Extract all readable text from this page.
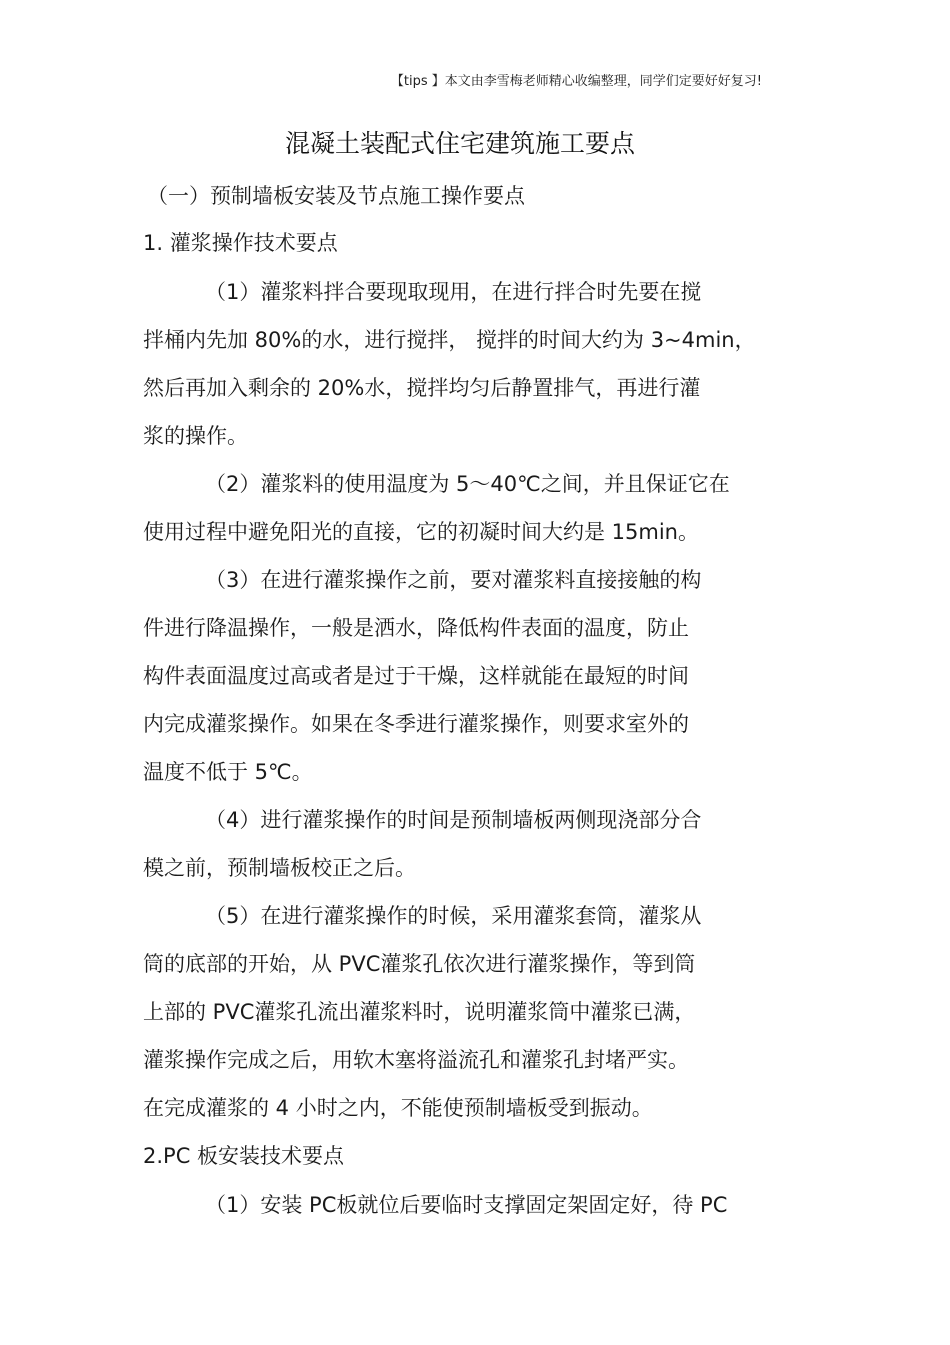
【tips 】本文由李雪梅老师精心收编整理，同学们定要好好复习!
混凝土装配式住宅建筑施工要点
（一）预制墙板安装及节点施工操作要点
1. 灌浆操作技术要点
（1）灌浆料拌合要现取现用，在进行拌合时先要在搅
拌桶内先加 80%的水，进行搅拌， 搅拌的时间大约为 3~4min，
然后再加入剩余的 20%水，搅拌均匀后静置排气，再进行灌
浆的操作。
（2）灌浆料的使用温度为 5～40℃之间，并且保证它在
使用过程中避免阳光的直接，它的初凝时间大约是 15min。
（3）在进行灌浆操作之前，要对灌浆料直接接触的构
件进行降温操作，一般是洒水，降低构件表面的温度，防止
构件表面温度过高或者是过于干燥，这样就能在最短的时间
内完成灌浆操作。如果在冬季进行灌浆操作，则要求室外的
温度不低于 5℃。
（4）进行灌浆操作的时间是预制墙板两侧现浇部分合
模之前，预制墙板校正之后。
（5）在进行灌浆操作的时候，采用灌浆套筒，灌浆从
筒的底部的开始，从 PVC灌浆孔依次进行灌浆操作，等到筒
上部的 PVC灌浆孔流出灌浆料时，说明灌浆筒中灌浆已满，
灌浆操作完成之后，用软木塞将溢流孔和灌浆孔封堵严实。
在完成灌浆的 4 小时之内，不能使预制墙板受到振动。
2.PC 板安装技术要点
（1）安装 PC板就位后要临时支撑固定架固定好，待 PC
